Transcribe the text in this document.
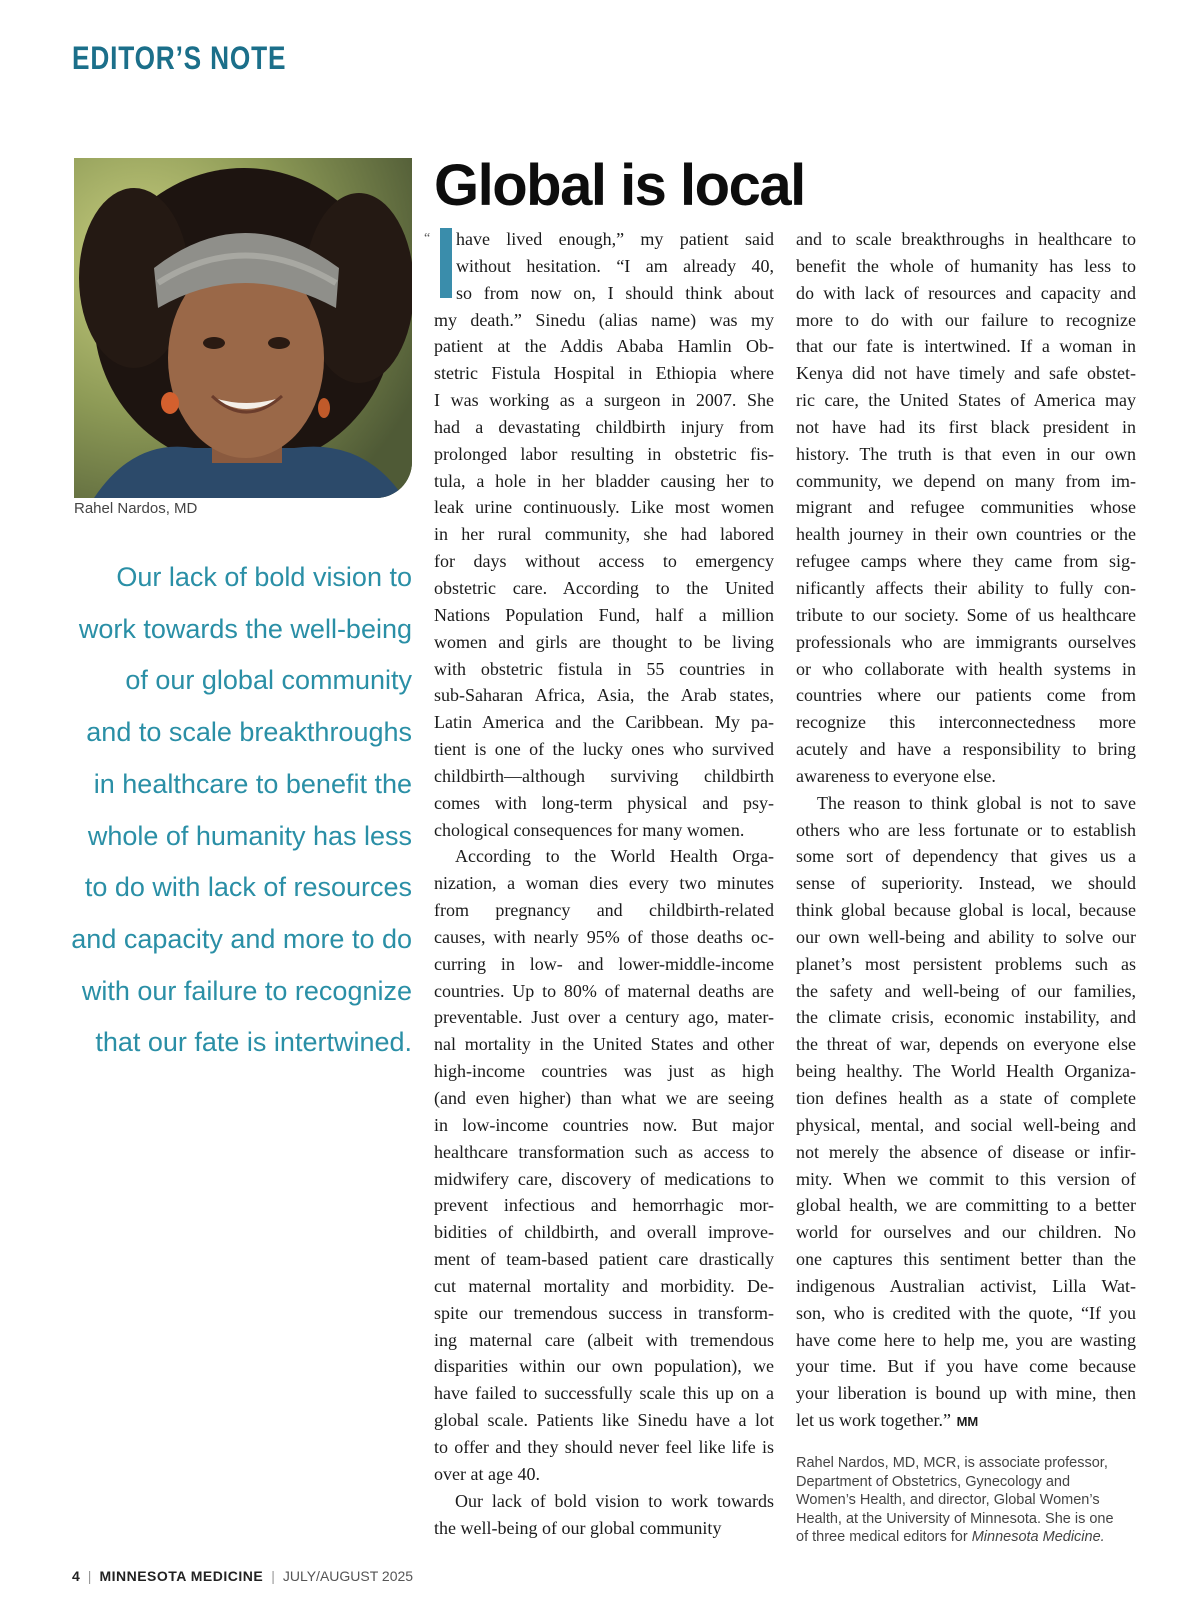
EDITOR’S NOTE
Rahel Nardos, MD
Our lack of bold vision to
work towards the well-being
of our global community
and to scale breakthroughs
in healthcare to benefit the
whole of humanity has less
to do with lack of resources
and capacity and more to do
with our failure to recognize
that our fate is intertwined.
Global is local
“	have lived enough,” my patient said
without hesitation. “I am already 40,
so from now on, I should think about
my death.” Sinedu (alias name) was my
patient at the Addis Ababa Hamlin Ob-
stetric Fistula Hospital in Ethiopia where
I was working as a surgeon in 2007. She
had a devastating childbirth injury from
prolonged labor resulting in obstetric fis-
tula, a hole in her bladder causing her to
leak urine continuously. Like most women
in her rural community, she had labored
for days without access to emergency
obstetric care. According to the United
Nations Population Fund, half a million
women and girls are thought to be living
with obstetric fistula in 55 countries in
sub-Saharan Africa, Asia, the Arab states,
Latin America and the Caribbean. My pa-
tient is one of the lucky ones who survived
childbirth—although surviving childbirth
comes with long-term physical and psy-
chological consequences for many women.
According to the World Health Orga-
nization, a woman dies every two minutes
from pregnancy and childbirth-related
causes, with nearly 95% of those deaths oc-
curring in low- and lower-middle-income
countries. Up to 80% of maternal deaths are
preventable. Just over a century ago, mater-
nal mortality in the United States and other
high-income countries was just as high
(and even higher) than what we are seeing
in low-income countries now. But major
healthcare transformation such as access to
midwifery care, discovery of medications to
prevent infectious and hemorrhagic mor-
bidities of childbirth, and overall improve-
ment of team-based patient care drastically
cut maternal mortality and morbidity. De-
spite our tremendous success in transform-
ing maternal care (albeit with tremendous
disparities within our own population), we
have failed to successfully scale this up on a
global scale. Patients like Sinedu have a lot
to offer and they should never feel like life is
over at age 40.
Our lack of bold vision to work towards
the well-being of our global community
and to scale breakthroughs in healthcare to
benefit the whole of humanity has less to
do with lack of resources and capacity and
more to do with our failure to recognize
that our fate is intertwined. If a woman in
Kenya did not have timely and safe obstet-
ric care, the United States of America may
not have had its first black president in
history. The truth is that even in our own
community, we depend on many from im-
migrant and refugee communities whose
health journey in their own countries or the
refugee camps where they came from sig-
nificantly affects their ability to fully con-
tribute to our society. Some of us healthcare
professionals who are immigrants ourselves
or who collaborate with health systems in
countries where our patients come from
recognize this interconnectedness more
acutely and have a responsibility to bring
awareness to everyone else.
The reason to think global is not to save
others who are less fortunate or to establish
some sort of dependency that gives us a
sense of superiority. Instead, we should
think global because global is local, because
our own well-being and ability to solve our
planet’s most persistent problems such as
the safety and well-being of our families,
the climate crisis, economic instability, and
the threat of war, depends on everyone else
being healthy. The World Health Organiza-
tion defines health as a state of complete
physical, mental, and social well-being and
not merely the absence of disease or infir-
mity. When we commit to this version of
global health, we are committing to a better
world for ourselves and our children. No
one captures this sentiment better than the
indigenous Australian activist, Lilla Wat-
son, who is credited with the quote, “If you
have come here to help me, you are wasting
your time. But if you have come because
your liberation is bound up with mine, then
let us work together.” MM
Rahel Nardos, MD, MCR, is associate professor,
Department of Obstetrics, Gynecology and
Women’s Health, and director, Global Women’s
Health, at the University of Minnesota. She is one
of three medical editors for Minnesota Medicine.
4 | MINNESOTA MEDICINE | JULY/AUGUST 2025
